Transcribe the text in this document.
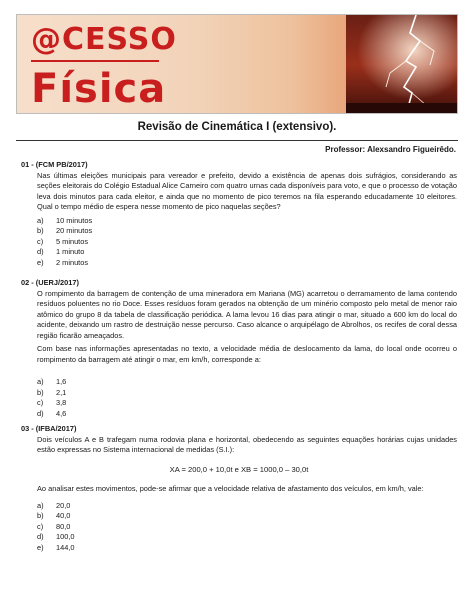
@CESSO
Física
Revisão de Cinemática I (extensivo).
Professor: Alexsandro Figueirêdo.
01 - (FCM PB/2017)
Nas últimas eleições municipais para vereador e prefeito, devido a existência de apenas dois sufrágios, considerando as seções eleitorais do Colégio Estadual Alice Carneiro com quatro urnas cada disponíveis para voto, e que o processo de votação leva dois minutos para cada eleitor, e ainda que no momento de pico teremos na fila esperando educadamente 10 eleitores. Qual o tempo médio de espera nesse momento de pico naquelas seções?
a)	10 minutos
b)	20 minutos
c)	5 minutos
d)	1 minuto
e)	2 minutos
02 - (UERJ/2017)
O rompimento da barragem de contenção de uma mineradora em Mariana (MG) acarretou o derramamento de lama contendo resíduos poluentes no rio Doce. Esses resíduos foram gerados na obtenção de um minério composto pelo metal de menor raio atômico do grupo 8 da tabela de classificação periódica. A lama levou 16 dias para atingir o mar, situado a 600 km do local do acidente, deixando um rastro de destruição nesse percurso. Caso alcance o arquipélago de Abrolhos, os recifes de coral dessa região ficarão ameaçados.
Com base nas informações apresentadas no texto, a velocidade média de deslocamento da lama, do local onde ocorreu o rompimento da barragem até atingir o mar, em km/h, corresponde a:
a)	1,6
b)	2,1
c)	3,8
d)	4,6
03 - (IFBA/2017)
Dois veículos A e B trafegam numa rodovia plana e horizontal, obedecendo as seguintes equações horárias cujas unidades estão expressas no Sistema internacional de medidas (S.I.):
XA = 200,0 + 10,0t e XB = 1000,0 – 30,0t
Ao analisar estes movimentos, pode-se afirmar que a velocidade relativa de afastamento dos veículos, em km/h, vale:
a)	20,0
b)	40,0
c)	80,0
d)	100,0
e)	144,0
